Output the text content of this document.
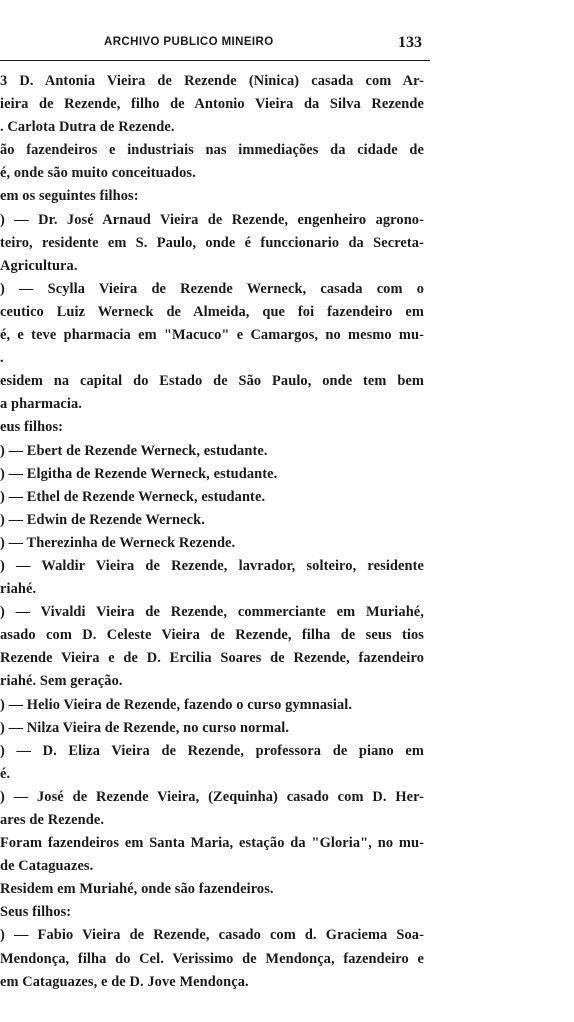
ARCHIVO PUBLICO MINEIRO	133
3 D. Antonia Vieira de Rezende (Ninica) casada com Ar-
ieira de Rezende, filho de Antonio Vieira da Silva Rezende
. Carlota Dutra de Rezende.
ão fazendeiros e industriais nas immediações da cidade de
é, onde são muito conceituados.
em os seguintes filhos:
) — Dr. José Arnaud Vieira de Rezende, engenheiro agrono-
teiro, residente em S. Paulo, onde é funccionario da Secreta-
Agricultura.
) — Scylla Vieira de Rezende Werneck, casada com o
ceutico Luiz Werneck de Almeida, que foi fazendeiro em
é, e teve pharmacia em "Macuco" e Camargos, no mesmo mu-
.
esidem na capital do Estado de São Paulo, onde tem bem
a pharmacia.
eus filhos:
) — Ebert de Rezende Werneck, estudante.
) — Elgitha de Rezende Werneck, estudante.
) — Ethel de Rezende Werneck, estudante.
) — Edwin de Rezende Werneck.
) — Therezinha de Werneck Rezende.
) — Waldir Vieira de Rezende, lavrador, solteiro, residente
riahé.
) — Vivaldi Vieira de Rezende, commerciante em Muriahé,
asado com D. Celeste Vieira de Rezende, filha de seus tios
Rezende Vieira e de D. Ercilia Soares de Rezende, fazendeiro
riahé. Sem geração.
) — Helio Vieira de Rezende, fazendo o curso gymnasial.
) — Nilza Vieira de Rezende, no curso normal.
) — D. Eliza Vieira de Rezende, professora de piano em
é.
) — José de Rezende Vieira, (Zequinha) casado com D. Her-
ares de Rezende.
Foram fazendeiros em Santa Maria, estação da "Gloria", no mu-
de Cataguazes.
Residem em Muriahé, onde são fazendeiros.
Seus filhos:
) — Fabio Vieira de Rezende, casado com d. Graciema Soa-
Mendonça, filha do Cel. Verissimo de Mendonça, fazendeiro e
em Cataguazes, e de D. Jove Mendonça.
